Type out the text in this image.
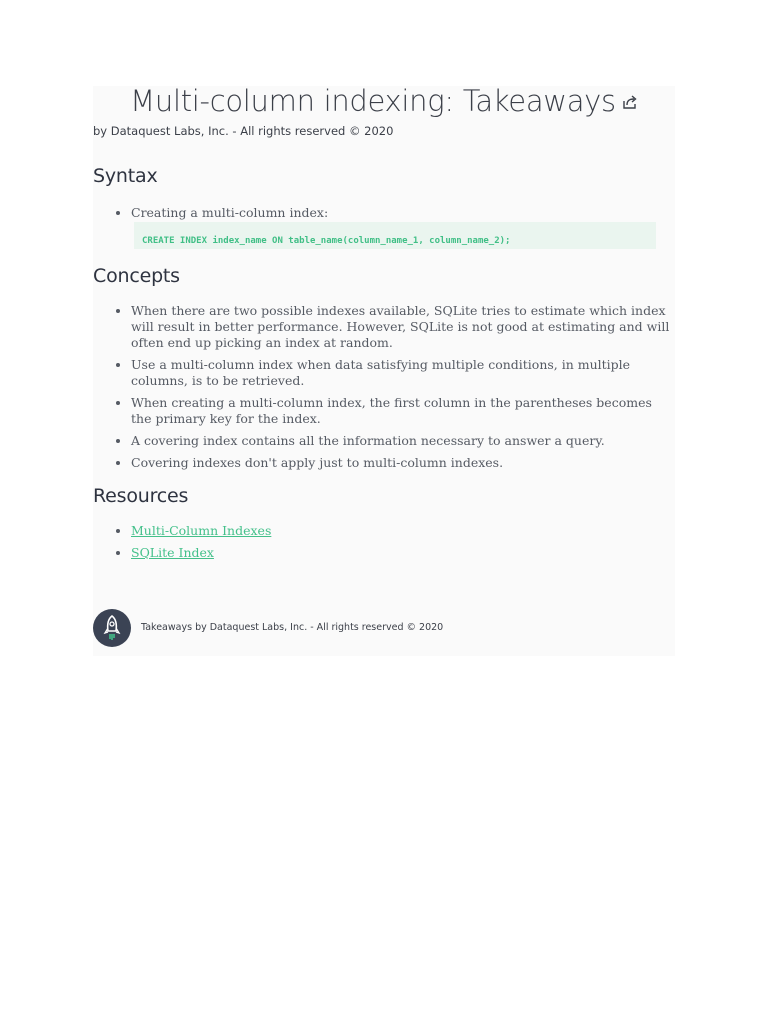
Multi-column indexing: Takeaways
by Dataquest Labs, Inc. - All rights reserved © 2020
Syntax
• Creating a multi-column index:
CREATE INDEX index_name ON table_name(column_name_1, column_name_2);
Concepts
• When there are two possible indexes available, SQLite tries to estimate which index will result in better performance. However, SQLite is not good at estimating and will often end up picking an index at random.
• Use a multi-column index when data satisfying multiple conditions, in multiple columns, is to be retrieved.
• When creating a multi-column index, the first column in the parentheses becomes the primary key for the index.
• A covering index contains all the information necessary to answer a query.
• Covering indexes don't apply just to multi-column indexes.
Resources
• Multi-Column Indexes
• SQLite Index
Takeaways by Dataquest Labs, Inc. - All rights reserved © 2020
